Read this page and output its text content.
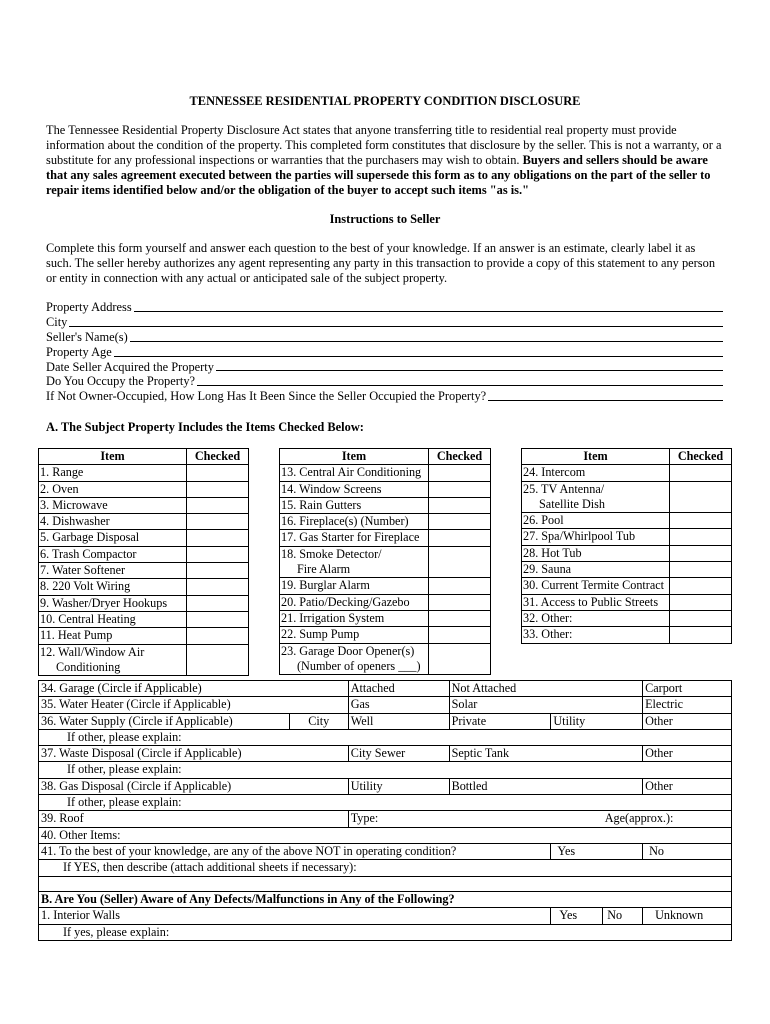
TENNESSEE RESIDENTIAL PROPERTY CONDITION DISCLOSURE
The Tennessee Residential Property Disclosure Act states that anyone transferring title to residential real property must provide information about the condition of the property. This completed form constitutes that disclosure by the seller. This is not a warranty, or a substitute for any professional inspections or warranties that the purchasers may wish to obtain. Buyers and sellers should be aware that any sales agreement executed between the parties will supersede this form as to any obligations on the part of the seller to repair items identified below and/or the obligation of the buyer to accept such items "as is."
Instructions to Seller
Complete this form yourself and answer each question to the best of your knowledge. If an answer is an estimate, clearly label it as such. The seller hereby authorizes any agent representing any party in this transaction to provide a copy of this statement to any person or entity in connection with any actual or anticipated sale of the subject property.
Property Address
City
Seller's Name(s)
Property Age
Date Seller Acquired the Property
Do You Occupy the Property?
If Not Owner-Occupied, How Long Has It Been Since the Seller Occupied the Property?
A. The Subject Property Includes the Items Checked Below:
Item	Checked

1. Range	

2. Oven	

3. Microwave	

4. Dishwasher	

5. Garbage Disposal	

6. Trash Compactor	

7. Water Softener	

8. 220 Volt Wiring	

9. Washer/Dryer Hookups	

10. Central Heating	

11. Heat Pump	

12. Wall/Window Air
Conditioning	

Item	Checked

13. Central Air Conditioning	

14. Window Screens	

15. Rain Gutters	

16. Fireplace(s) (Number)	

17. Gas Starter for Fireplace	

18. Smoke Detector/
Fire Alarm	

19. Burglar Alarm	

20. Patio/Decking/Gazebo	

21. Irrigation System	

22. Sump Pump	

23. Garage Door Opener(s)
(Number of openers ___)	

Item	Checked

24. Intercom	

25. TV Antenna/
Satellite Dish	

26. Pool	

27. Spa/Whirlpool Tub	

28. Hot Tub	

29. Sauna	

30. Current Termite Contract	

31. Access to Public Streets	

32. Other:	

33. Other:	

34. Garage (Circle if Applicable)		Attached	Not Attached			Carport
35. Water Heater (Circle if Applicable)		Gas	Solar			Electric
36. Water Supply (Circle if Applicable)	City	Well	Private	Utility		Other
If other, please explain:						
37. Waste Disposal (Circle if Applicable)		City Sewer	Septic Tank			Other
If other, please explain:						
38. Gas Disposal (Circle if Applicable)		Utility	Bottled			Other
If other, please explain:						
39. Roof		Type:			Age(approx.):	
40. Other Items:						
41. To the best of your knowledge, are any of the above NOT in operating condition?				Yes		No
If YES, then describe (attach additional sheets if necessary):						

B. Are You (Seller) Aware of Any Defects/Malfunctions in Any of the Following?						
1. Interior Walls				Yes	No	Unknown
If yes, please explain:						
